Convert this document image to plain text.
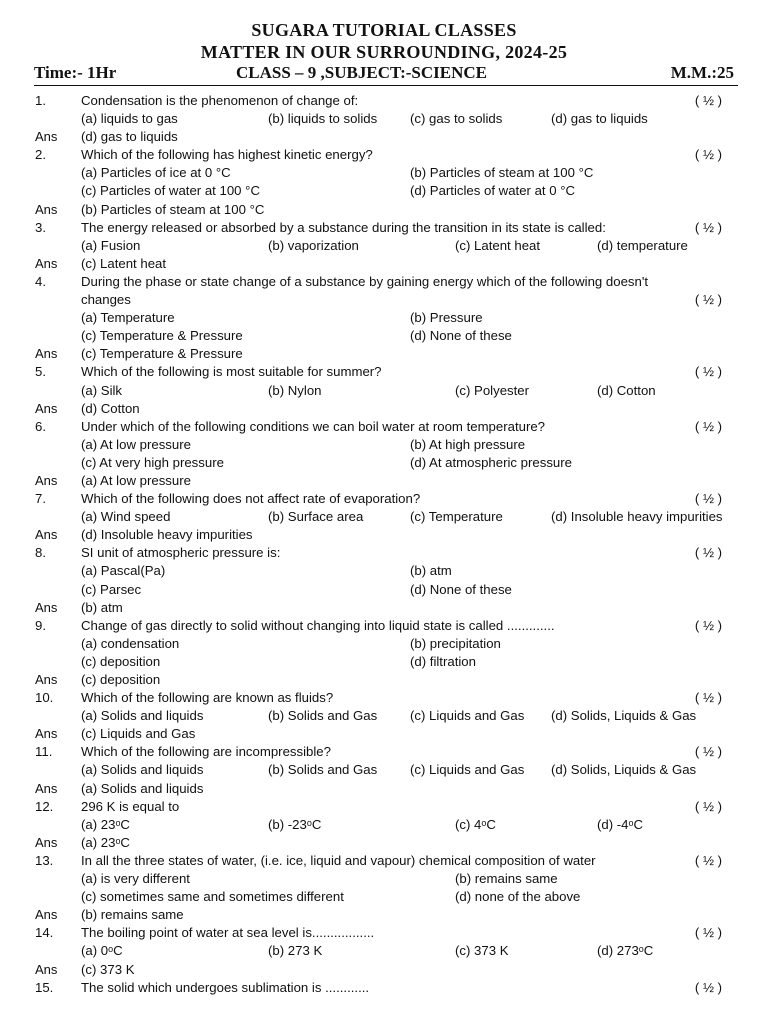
SUGARA TUTORIAL CLASSES
MATTER IN OUR SURROUNDING, 2024-25
Time:- 1Hr	CLASS – 9 ,SUBJECT:-SCIENCE	M.M.:25
1.	Condensation is the phenomenon of change of:	( ½ )
(a) liquids to gas	(b) liquids to solids (c) gas to solids	(d) gas to liquids
Ans (d) gas to liquids
2.	Which of the following has highest kinetic energy?	( ½ )
(a) Particles of ice at 0 °C	(b) Particles of steam at 100 °C
(c) Particles of water at 100 °C	(d) Particles of water at 0 °C
Ans (b) Particles of steam at 100 °C
3.	The energy released or absorbed by a substance during the transition in its state is called:	( ½ )
(a) Fusion	(b) vaporization	(c) Latent heat	(d) temperature
Ans (c) Latent heat
4.	During the phase or state change of a substance by gaining energy which of the following doesn't
changes	( ½ )
(a) Temperature	(b) Pressure
(c) Temperature & Pressure	(d) None of these
Ans (c) Temperature & Pressure
5.	Which of the following is most suitable for summer?	( ½ )
(a) Silk	(b) Nylon	(c) Polyester	(d) Cotton
Ans (d) Cotton
6.	Under which of the following conditions we can boil water at room temperature?	( ½ )
(a) At low pressure	(b) At high pressure
(c) At very high pressure	(d) At atmospheric pressure
Ans (a) At low pressure
7.	Which of the following does not affect rate of evaporation?	( ½ )
(a) Wind speed	(b) Surface area	(c) Temperature	(d) Insoluble heavy impurities
Ans (d) Insoluble heavy impurities
8.	SI unit of atmospheric pressure is:	( ½ )
(a) Pascal(Pa)	(b) atm
(c) Parsec	(d) None of these
Ans (b) atm
9.	Change of gas directly to solid without changing into liquid state is called .............	( ½ )
(a) condensation	(b) precipitation
(c) deposition	(d) filtration
Ans (c) deposition
10. Which of the following are known as fluids?	( ½ )
(a) Solids and liquids	(b) Solids and Gas (c) Liquids and Gas (d) Solids, Liquids & Gas
Ans (c) Liquids and Gas
11. Which of the following are incompressible?	( ½ )
(a) Solids and liquids	(b) Solids and Gas (c) Liquids and Gas (d) Solids, Liquids & Gas
Ans (a) Solids and liquids
12. 296 K is equal to	( ½ )
(a) 23ᵒC	(b) -23ᵒC	(c) 4ᵒC	(d) -4ᵒC
Ans (a) 23ᵒC
13. In all the three states of water, (i.e. ice, liquid and vapour) chemical composition of water	( ½ )
(a) is very different	(b) remains same
(c) sometimes same and sometimes different	(d) none of the above
Ans (b) remains same
14. The boiling point of water at sea level is.................	( ½ )
(a) 0ᵒC	(b) 273 K	(c) 373 K	(d) 273ᵒC
Ans (c) 373 K
15. The solid which undergoes sublimation is ............	( ½ )
